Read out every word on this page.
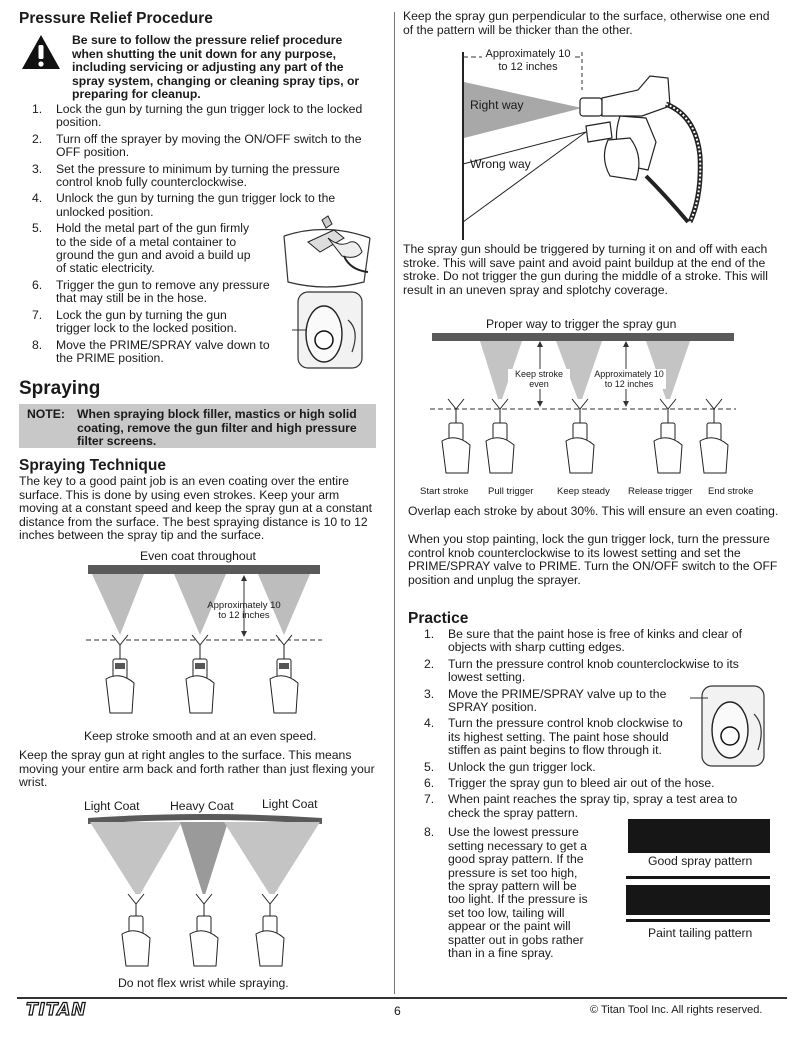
Pressure Relief Procedure
Be sure to follow the pressure relief procedure when shutting the unit down for any purpose, including servicing or adjusting any part of the spray system, changing or cleaning spray tips, or preparing for cleanup.
1. Lock the gun by turning the gun trigger lock to the locked position.
2. Turn off the sprayer by moving the ON/OFF switch to the OFF position.
3. Set the pressure to minimum by turning the pressure control knob fully counterclockwise.
4. Unlock the gun by turning the gun trigger lock to the unlocked position.
5. Hold the metal part of the gun firmly to the side of a metal container to ground the gun and avoid a build up of static electricity.
6. Trigger the gun to remove any pressure that may still be in the hose.
7. Lock the gun by turning the gun trigger lock to the locked position.
8. Move the PRIME/SPRAY valve down to the PRIME position.
Spraying
NOTE: When spraying block filler, mastics or high solid coating, remove the gun filter and high pressure filter screens.
Spraying Technique
The key to a good paint job is an even coating over the entire surface. This is done by using even strokes. Keep your arm moving at a constant speed and keep the spray gun at a constant distance from the surface. The best spraying distance is 10 to 12 inches between the spray tip and the surface.
Even coat throughout
Approximately 10 to 12 inches
Keep stroke smooth and at an even speed.
Keep the spray gun at right angles to the surface. This means moving your entire arm back and forth rather than just flexing your wrist.
Light Coat Heavy Coat Light Coat
Do not flex wrist while spraying.
Keep the spray gun perpendicular to the surface, otherwise one end of the pattern will be thicker than the other.
Approximately 10 to 12 inches
Right way
Wrong way
The spray gun should be triggered by turning it on and off with each stroke. This will save paint and avoid paint buildup at the end of the stroke. Do not trigger the gun during the middle of a stroke. This will result in an uneven spray and splotchy coverage.
Proper way to trigger the spray gun
Keep stroke even
Approximately 10 to 12 inches
Start stroke Pull trigger Keep steady Release trigger End stroke
Overlap each stroke by about 30%. This will ensure an even coating.
When you stop painting, lock the gun trigger lock, turn the pressure control knob counterclockwise to its lowest setting and set the PRIME/SPRAY valve to PRIME. Turn the ON/OFF switch to the OFF position and unplug the sprayer.
Practice
1. Be sure that the paint hose is free of kinks and clear of objects with sharp cutting edges.
2. Turn the pressure control knob counterclockwise to its lowest setting.
3. Move the PRIME/SPRAY valve up to the SPRAY position.
4. Turn the pressure control knob clockwise to its highest setting. The paint hose should stiffen as paint begins to flow through it.
5. Unlock the gun trigger lock.
6. Trigger the spray gun to bleed air out of the hose.
7. When paint reaches the spray tip, spray a test area to check the spray pattern.
8. Use the lowest pressure setting necessary to get a good spray pattern. If the pressure is set too high, the spray pattern will be too light. If the pressure is set too low, tailing will appear or the paint will spatter out in gobs rather than in a fine spray.
Good spray pattern
Paint tailing pattern
TITAN	6	© Titan Tool Inc. All rights reserved.
